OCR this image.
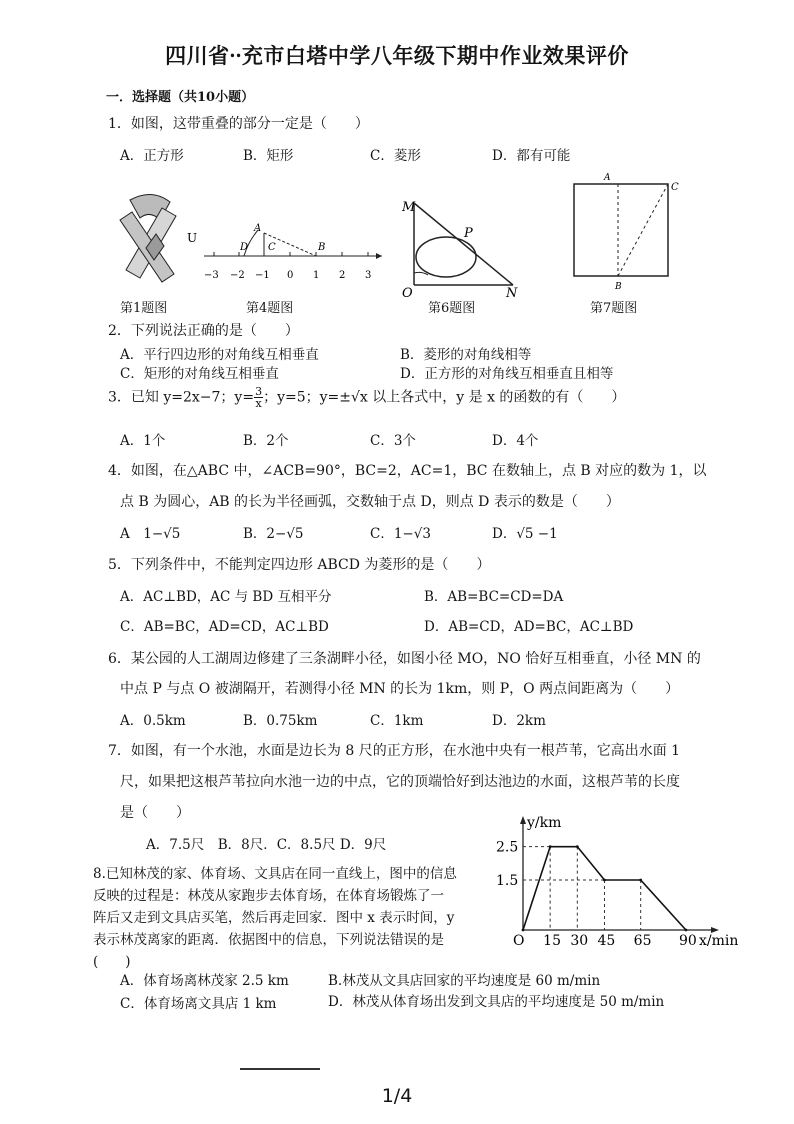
四川省⸱⸱充市白塔中学八年级下期中作业效果评价
一．选择题（共10小题）
1．如图，这带重叠的部分一定是（　　）
A．正方形	B．矩形	C．菱形	D．都有可能
U
第1题图
A
C
D	B
−3 −2 −1 0 1 2 3
第4题图
M
P
O	N
第6题图
A
C
B
第7题图
2．下列说法正确的是（　　）
A．平行四边形的对角线互相垂直	B．菱形的对角线相等
C．矩形的对角线互相垂直	D．正方形的对角线互相垂直且相等
3．已知 y=2x−7；$y= \frac{3}{x}$ ；y=5；y=±√x 以上各式中，y 是 x 的函数的有（　　）
A．1个	B．2个	C．3个	D．4个
4．如图，在△ABC 中，∠ACB=90°，BC=2，AC=1，BC 在数轴上，点 B 对应的数为 1，以
点 B 为圆心，AB 的长为半径画弧，交数轴于点 D，则点 D 表示的数是（　　）
A　1−√5	B．2−√5	C．1−√3	D．√5 −1
5．下列条件中，不能判定四边形 ABCD 为菱形的是（　　）
A．AC⊥BD，AC 与 BD 互相平分	B．AB=BC=CD=DA
C．AB=BC，AD=CD，AC⊥BD	D．AB=CD，AD=BC，AC⊥BD
6．某公园的人工湖周边修建了三条湖畔小径，如图小径 MO，NO 恰好互相垂直，小径 MN 的
中点 P 与点 O 被湖隔开，若测得小径 MN 的长为 1km，则 P，O 两点间距离为（　　）
A．0.5km	B．0.75km	C．1km	D．2km
7．如图，有一个水池，水面是边长为 8 尺的正方形，在水池中央有一根芦苇，它高出水面 1
尺，如果把这根芦苇拉向水池一边的中点，它的顶端恰好到达池边的水面，这根芦苇的长度
是（　　）
A．7.5尺　B．8尺．C．8.5尺 D．9尺
8.已知林茂的家、体育场、文具店在同一直线上，图中的信息
反映的过程是：林茂从家跑步去体育场，在体育场锻炼了一
阵后又走到文具店买笔，然后再走回家．图中 x 表示时间，y
表示林茂离家的距离．依据图中的信息，下列说法错误的是
(　　)
A．体育场离林茂家 2.5 km	B.林茂从文具店回家的平均速度是 60 m/min
C．体育场离文具店 1 km	D．林茂从体育场出发到文具店的平均速度是 50 m/min
O 15 30 45 65 90
1.5
2.5
x/min
y/km
1/4
